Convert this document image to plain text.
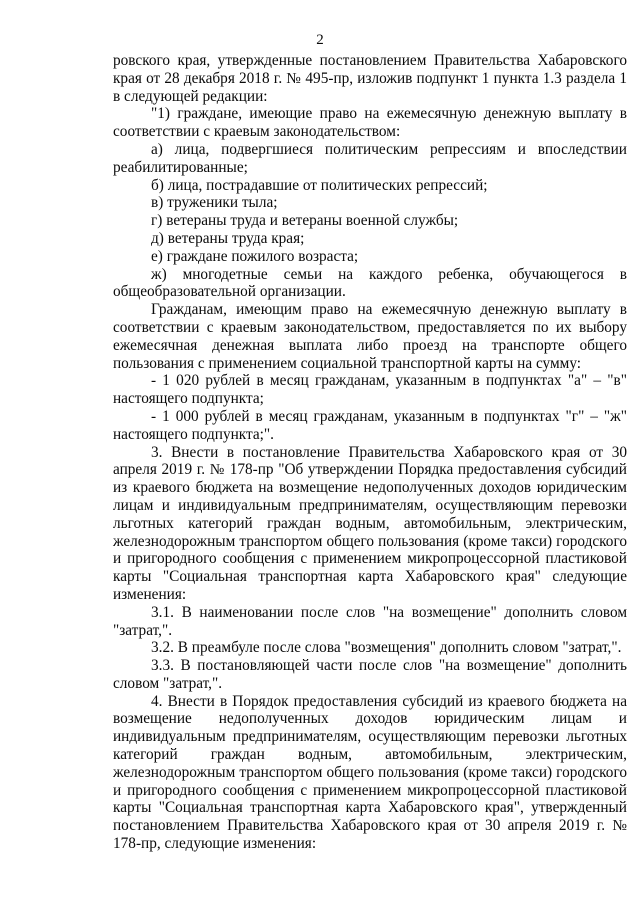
2

ровского края, утвержденные постановлением Правительства Хабаровского края от 28 декабря 2018 г. № 495-пр, изложив подпункт 1 пункта 1.3 раздела 1 в следующей редакции:

"1) граждане, имеющие право на ежемесячную денежную выплату в соответствии с краевым законодательством:

а) лица, подвергшиеся политическим репрессиям и впоследствии реабилитированные;

б) лица, пострадавшие от политических репрессий;

в) труженики тыла;

г) ветераны труда и ветераны военной службы;

д) ветераны труда края;

е) граждане пожилого возраста;

ж) многодетные семьи на каждого ребенка, обучающегося в общеобразовательной организации.

Гражданам, имеющим право на ежемесячную денежную выплату в соответствии с краевым законодательством, предоставляется по их выбору ежемесячная денежная выплата либо проезд на транспорте общего пользования с применением социальной транспортной карты на сумму:

- 1 020 рублей в месяц гражданам, указанным в подпунктах "а" – "в" настоящего подпункта;

- 1 000 рублей в месяц гражданам, указанным в подпунктах "г" – "ж" настоящего подпункта;".

3. Внести в постановление Правительства Хабаровского края от 30 апреля 2019 г. № 178-пр "Об утверждении Порядка предоставления субсидий из краевого бюджета на возмещение недополученных доходов юридическим лицам и индивидуальным предпринимателям, осуществляющим перевозки льготных категорий граждан водным, автомобильным, электрическим, железнодорожным транспортом общего пользования (кроме такси) городского и пригородного сообщения с применением микропроцессорной пластиковой карты "Социальная транспортная карта Хабаровского края" следующие изменения:

3.1. В наименовании после слов "на возмещение" дополнить словом "затрат,".

3.2. В преамбуле после слова "возмещения" дополнить словом "затрат,".

3.3. В постановляющей части после слов "на возмещение" дополнить словом "затрат,".

4. Внести в Порядок предоставления субсидий из краевого бюджета на возмещение недополученных доходов юридическим лицам и индивидуальным предпринимателям, осуществляющим перевозки льготных категорий граждан водным, автомобильным, электрическим, железнодорожным транспортом общего пользования (кроме такси) городского и пригородного сообщения с применением микропроцессорной пластиковой карты "Социальная транспортная карта Хабаровского края", утвержденный постановлением Правительства Хабаровского края от 30 апреля 2019 г. № 178-пр, следующие изменения:
